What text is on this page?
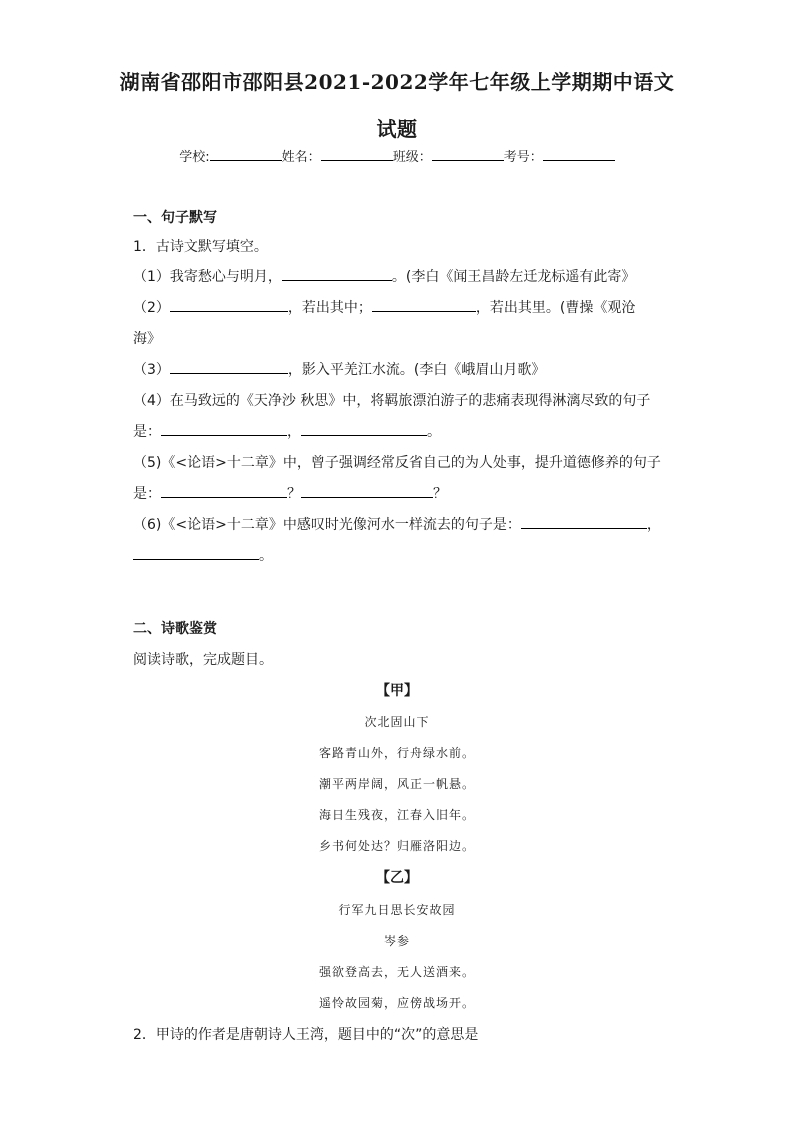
湖南省邵阳市邵阳县2021-2022学年七年级上学期期中语文
试题
学校:	姓名：	班级：	考号：
一、句子默写
1．古诗文默写填空。
（1）我寄愁心与明月，	。(李白《闻王昌龄左迁龙标遥有此寄》
（2）	，若出其中；	，若出其里。(曹操《观沧
海》
（3）	，影入平羌江水流。(李白《峨眉山月歌》
（4）在马致远的《天净沙 秋思》中，将羁旅漂泊游子的悲痛表现得淋漓尽致的句子
是：	，	。
（5)《<论语>十二章》中，曾子强调经常反省自己的为人处事，提升道德修养的句子
是：	？	？
（6)《<论语>十二章》中感叹时光像河水一样流去的句子是：	，
。
二、诗歌鉴赏
阅读诗歌，完成题目。
【甲】
次北固山下
客路青山外，行舟绿水前。
潮平两岸阔，风正一帆悬。
海日生残夜，江春入旧年。
乡书何处达？归雁洛阳边。
【乙】
行军九日思长安故园
岑参
强欲登高去，无人送酒来。
遥怜故园菊，应傍战场开。
2．甲诗的作者是唐朝诗人王湾，题目中的“次”的意思是
